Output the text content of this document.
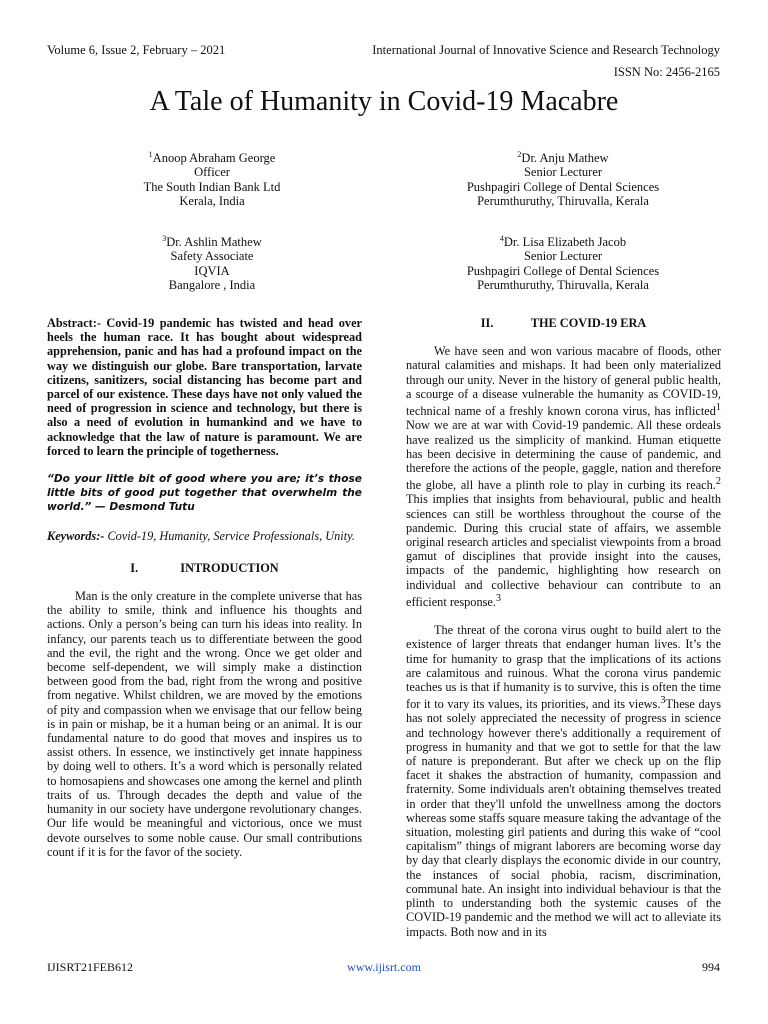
Volume 6, Issue 2, February – 2021	International Journal of Innovative Science and Research Technology
ISSN No: 2456-2165
A Tale of Humanity in Covid-19 Macabre
$^1$Anoop Abraham George
Officer
The South Indian Bank Ltd
Kerala, India
$^2$Dr. Anju Mathew
Senior Lecturer
Pushpagiri College of Dental Sciences
Perumthuruthy, Thiruvalla, Kerala
$^3$Dr. Ashlin Mathew
Safety Associate
IQVIA
Bangalore , India
$^4$Dr. Lisa Elizabeth Jacob
Senior Lecturer
Pushpagiri College of Dental Sciences
Perumthuruthy, Thiruvalla, Kerala

Abstract:- Covid-19 pandemic has twisted and head over heels the human race. It has bought about widespread apprehension, panic and has had a profound impact on the way we distinguish our globe. Bare transportation, larvate citizens, sanitizers, social distancing has become part and parcel of our existence. These days have not only valued the need of progression in science and technology, but there is also a need of evolution in humankind and we have to acknowledge that the law of nature is paramount. We are forced to learn the principle of togetherness.

“Do your little bit of good where you are; it’s those little bits of good put together that overwhelm the world.” — Desmond Tutu

Keywords:- Covid-19, Humanity, Service Professionals, Unity.

I.	INTRODUCTION

Man is the only creature in the complete universe that has the ability to smile, think and influence his thoughts and actions. Only a person’s being can turn his ideas into reality. In infancy, our parents teach us to differentiate between the good and the evil, the right and the wrong. Once we get older and become self-dependent, we will simply make a distinction between good from the bad, right from the wrong and positive from negative. Whilst children, we are moved by the emotions of pity and compassion when we envisage that our fellow being is in pain or mishap, be it a human being or an animal. It is our fundamental nature to do good that moves and inspires us to assist others. In essence, we instinctively get innate happiness by doing well to others. It’s a word which is personally related to homosapiens and showcases one among the kernel and plinth traits of us. Through decades the depth and value of the humanity in our society have undergone revolutionary changes. Our life would be meaningful and victorious, once we must devote ourselves to some noble cause. Our small contributions count if it is for the favor of the society.

II.	THE COVID-19 ERA

We have seen and won various macabre of floods, other natural calamities and mishaps. It had been only materialized through our unity. Never in the history of general public health, a scourge of a disease vulnerable the humanity as COVID-19, technical name of a freshly known corona virus, has inflicted$^1$ Now we are at war with Covid-19 pandemic. All these ordeals have realized us the simplicity of mankind. Human etiquette has been decisive in determining the cause of pandemic, and therefore the actions of the people, gaggle, nation and therefore the globe, all have a plinth role to play in curbing its reach.$^2$ This implies that insights from behavioural, public and health sciences can still be worthless throughout the course of the pandemic. During this crucial state of affairs, we assemble original research articles and specialist viewpoints from a broad gamut of disciplines that provide insight into the causes, impacts of the pandemic, highlighting how research on individual and collective behaviour can contribute to an efficient response.$^3$

The threat of the corona virus ought to build alert to the existence of larger threats that endanger human lives. It’s the time for humanity to grasp that the implications of its actions are calamitous and ruinous. What the corona virus pandemic teaches us is that if humanity is to survive, this is often the time for it to vary its values, its priorities, and its views.$^3$These days has not solely appreciated the necessity of progress in science and technology however there's additionally a requirement of progress in humanity and that we got to settle for that the law of nature is preponderant. But after we check up on the flip facet it shakes the abstraction of humanity, compassion and fraternity. Some individuals aren't obtaining themselves treated in order that they'll unfold the unwellness among the doctors whereas some staffs square measure taking the advantage of the situation, molesting girl patients and during this wake of “cool capitalism” things of migrant laborers are becoming worse day by day that clearly displays the economic divide in our country, the instances of social phobia, racism, discrimination, communal hate. An insight into individual behaviour is that the plinth to understanding both the systemic causes of the COVID-19 pandemic and the method we will act to alleviate its impacts. Both now and in its

IJISRT21FEB612	www.ijisrt.com	994
